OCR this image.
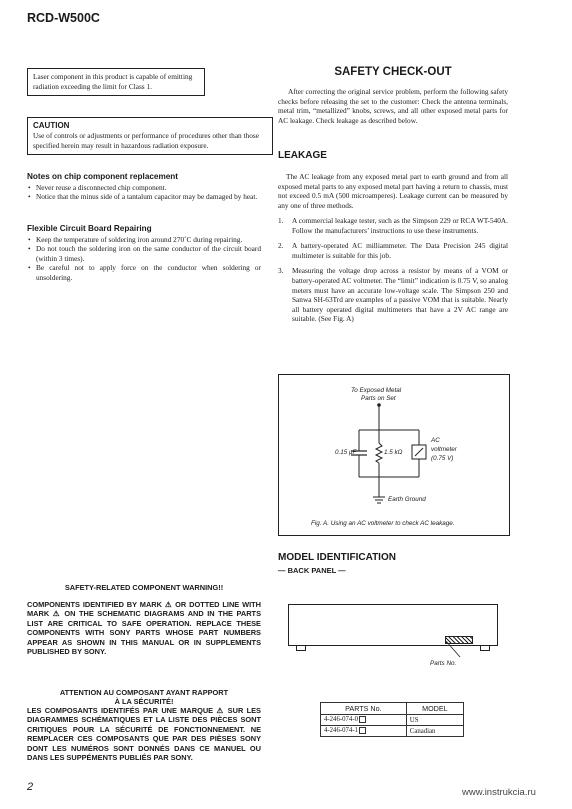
RCD-W500C
Laser component in this product is capable of emitting radiation exceeding the limit for Class 1.
CAUTION
Use of controls or adjustments or performance of procedures other than those specified herein may result in hazardous radiation exposure.
Notes on chip component replacement
• Never reuse a disconnected chip component.
• Notice that the minus side of a tantalum capacitor may be damaged by heat.
Flexible Circuit Board Repairing
• Keep the temperature of soldering iron around 270˚C during repairing.
• Do not touch the soldering iron on the same conductor of the circuit board (within 3 times).
• Be careful not to apply force on the conductor when soldering or unsoldering.
SAFETY-RELATED COMPONENT WARNING!!
COMPONENTS IDENTIFIED BY MARK ⚠ OR DOTTED LINE WITH MARK ⚠ ON THE SCHEMATIC DIAGRAMS AND IN THE PARTS LIST ARE CRITICAL TO SAFE OPERATION. REPLACE THESE COMPONENTS WITH SONY PARTS WHOSE PART NUMBERS APPEAR AS SHOWN IN THIS MANUAL OR IN SUPPLEMENTS PUBLISHED BY SONY.
ATTENTION AU COMPOSANT AYANT RAPPORT
À LA SÉCURITÉ!
LES COMPOSANTS IDENTIFÉS PAR UNE MARQUE ⚠ SUR LES DIAGRAMMES SCHÉMATIQUES ET LA LISTE DES PIÈCES SONT CRITIQUES POUR LA SÉCURITÉ DE FONCTIONNEMENT. NE REMPLACER CES COMPOSANTS QUE PAR DES PIÈSES SONY DONT LES NUMÉROS SONT DONNÉS DANS CE MANUEL OU DANS LES SUPPÉMENTS PUBLIÉS PAR SONY.
2
SAFETY CHECK-OUT
After correcting the original service problem, perform the following safety checks before releasing the set to the customer: Check the antenna terminals, metal trim, “metallized” knobs, screws, and all other exposed metal parts for AC leakage. Check leakage as described below.
LEAKAGE
The AC leakage from any exposed metal part to earth ground and from all exposed metal parts to any exposed metal part having a return to chassis, must not exceed 0.5 mA (500 microamperes). Leakage current can be measured by any one of three methods.
1. A commercial leakage tester, such as the Simpson 229 or RCA WT-540A. Follow the manufacturers’ instructions to use these instruments.
2. A battery-operated AC milliammeter. The Data Precision 245 digital multimeter is suitable for this job.
3. Measuring the voltage drop across a resistor by means of a VOM or battery-operated AC voltmeter. The “limit” indication is 0.75 V, so analog meters must have an accurate low-voltage scale. The Simpson 250 and Sanwa SH-63Trd are examples of a passive VOM that is suitable. Nearly all battery operated digital multimeters that have a 2V AC range are suitable. (See Fig. A)
To Exposed Metal
Parts on Set
0.15 μF	1.5 kΩ
AC
voltmeter
(0.75 V)
Earth Ground
Fig. A. Using an AC voltmeter to check AC leakage.
MODEL IDENTIFICATION
— BACK PANEL —
Parts No.
PARTS No.	MODEL
4-246-074-0	US
4-246-074-1	Canadian
www.instrukcia.ru
